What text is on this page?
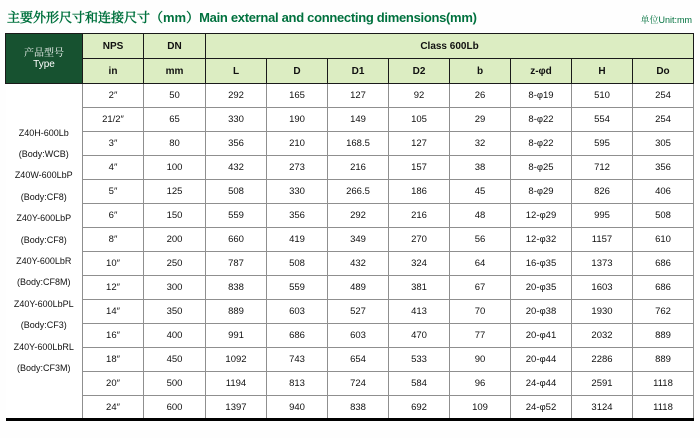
主要外形尺寸和连接尺寸（mm）Main external and connecting dimensions(mm)	单位Unit:mm
产品型号
Type	NPS	DN	Class 600Lb							
	in	mm	L	D	D1	D2	b	z-φd	H	Do

Z40H-600Lb
(Body:WCB)
Z40W-600LbP
(Body:CF8)
Z40Y-600LbP
(Body:CF8)
Z40Y-600LbR
(Body:CF8M)
Z40Y-600LbPL
(Body:CF3)
Z40Y-600LbRL
(Body:CF3M)
	2″	50	292	165	127	92	26	8-φ19	510	254
	21/2″	65	330	190	149	105	29	8-φ22	554	254
	3″	80	356	210	168.5	127	32	8-φ22	595	305
	4″	100	432	273	216	157	38	8-φ25	712	356
	5″	125	508	330	266.5	186	45	8-φ29	826	406
	6″	150	559	356	292	216	48	12-φ29	995	508
	8″	200	660	419	349	270	56	12-φ32	1157	610
	10″	250	787	508	432	324	64	16-φ35	1373	686
	12″	300	838	559	489	381	67	20-φ35	1603	686
	14″	350	889	603	527	413	70	20-φ38	1930	762
	16″	400	991	686	603	470	77	20-φ41	2032	889
	18″	450	1092	743	654	533	90	20-φ44	2286	889
	20″	500	1194	813	724	584	96	24-φ44	2591	1118
	24″	600	1397	940	838	692	109	24-φ52	3124	1118
